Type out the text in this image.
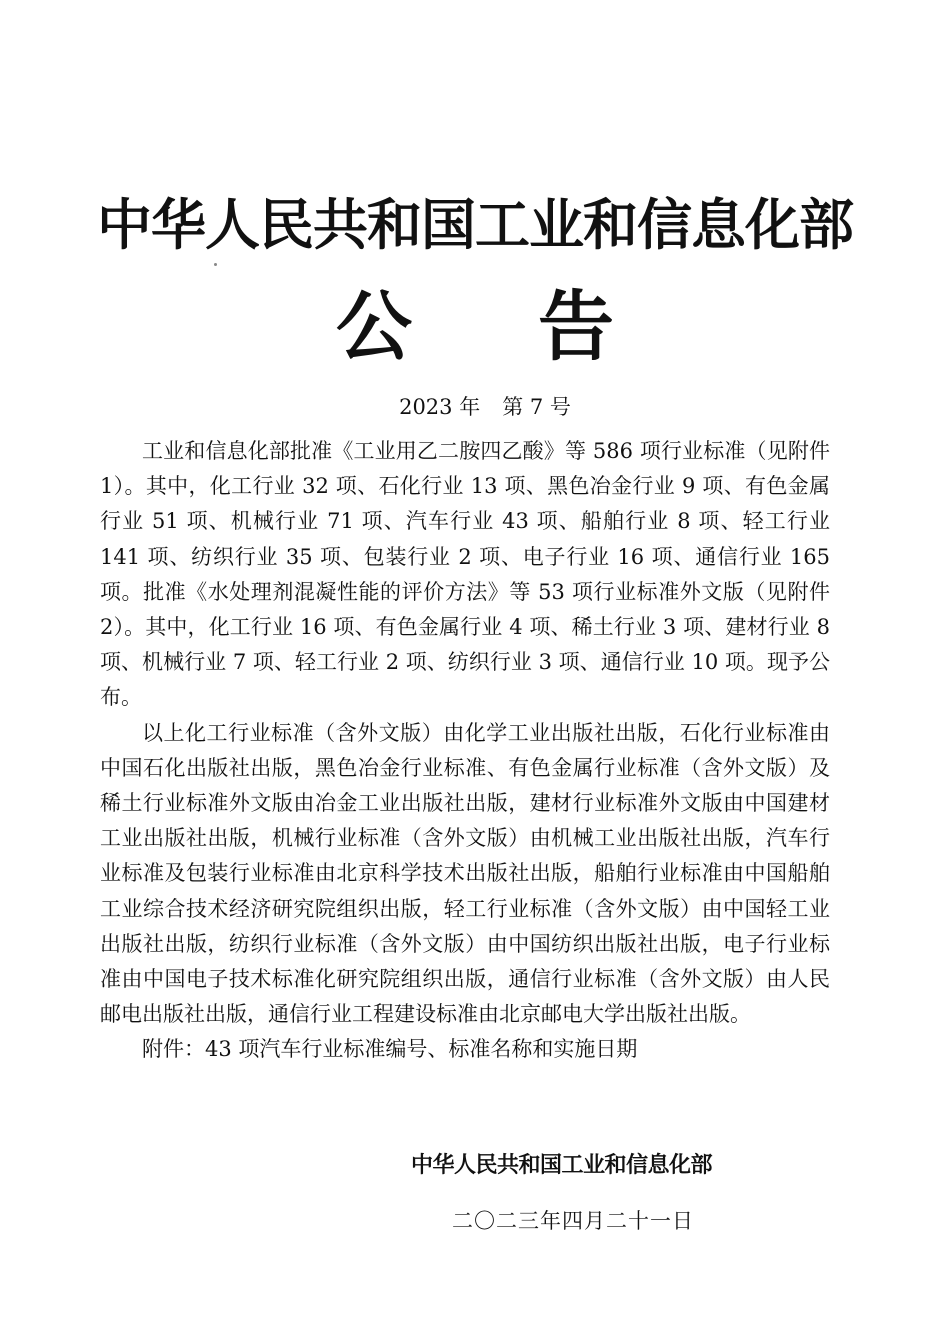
中华人民共和国工业和信息化部
公 告
2023 年 第 7 号

工业和信息化部批准《工业用乙二胺四乙酸》等 586 项行业标准（见附件 1）。其中，化工行业 32 项、石化行业 13 项、黑色冶金行业 9 项、有色金属行业 51 项、机械行业 71 项、汽车行业 43 项、船舶行业 8 项、轻工行业 141 项、纺织行业 35 项、包装行业 2 项、电子行业 16 项、通信行业 165 项。批准《水处理剂混凝性能的评价方法》等 53 项行业标准外文版（见附件 2）。其中，化工行业 16 项、有色金属行业 4 项、稀土行业 3 项、建材行业 8 项、机械行业 7 项、轻工行业 2 项、纺织行业 3 项、通信行业 10 项。现予公布。

以上化工行业标准（含外文版）由化学工业出版社出版，石化行业标准由中国石化出版社出版，黑色冶金行业标准、有色金属行业标准（含外文版）及稀土行业标准外文版由冶金工业出版社出版，建材行业标准外文版由中国建材工业出版社出版，机械行业标准（含外文版）由机械工业出版社出版，汽车行业标准及包装行业标准由北京科学技术出版社出版，船舶行业标准由中国船舶工业综合技术经济研究院组织出版，轻工行业标准（含外文版）由中国轻工业出版社出版，纺织行业标准（含外文版）由中国纺织出版社出版，电子行业标准由中国电子技术标准化研究院组织出版，通信行业标准（含外文版）由人民邮电出版社出版，通信行业工程建设标准由北京邮电大学出版社出版。

附件：43 项汽车行业标准编号、标准名称和实施日期

中华人民共和国工业和信息化部
二〇二三年四月二十一日
